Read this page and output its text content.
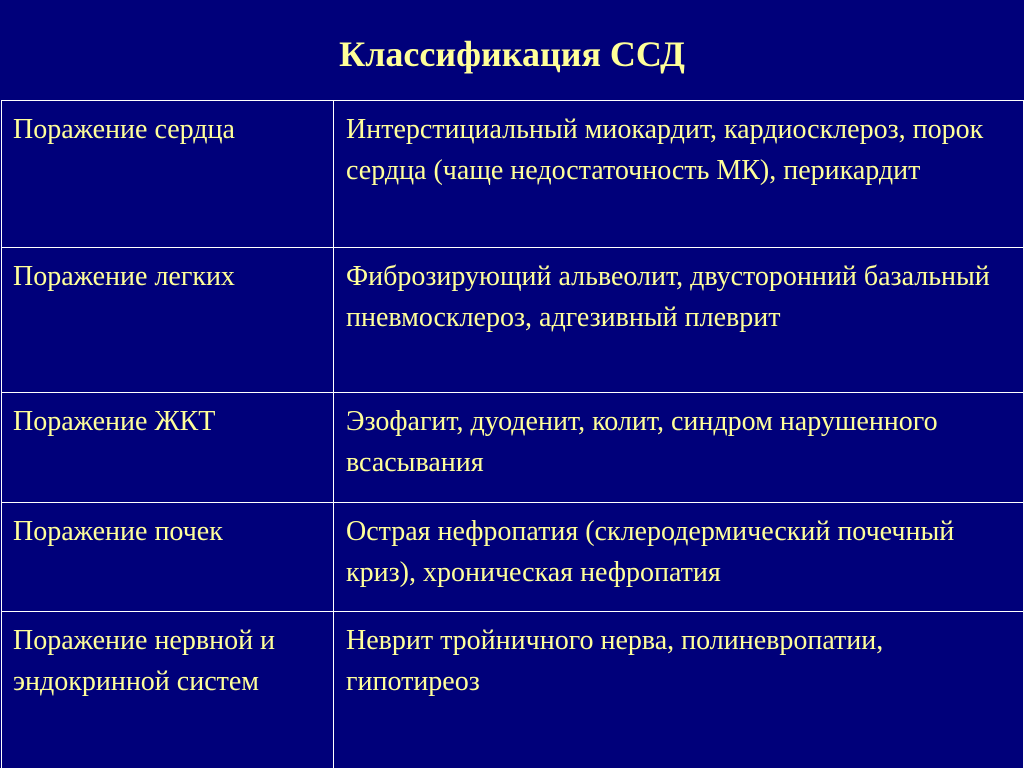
Классификация ССД
Поражение сердца	Интерстициальный миокардит, кардиосклероз, порок сердца (чаще недостаточность МК), перикардит
Поражение легких	Фиброзирующий альвеолит, двусторонний базальный пневмосклероз, адгезивный плеврит
Поражение ЖКТ	Эзофагит, дуоденит, колит, синдром нарушенного всасывания
Поражение почек	Острая нефропатия (склеродермический почечный криз), хроническая нефропатия
Поражение нервной и эндокринной систем	Неврит тройничного нерва, полиневропатии, гипотиреоз
